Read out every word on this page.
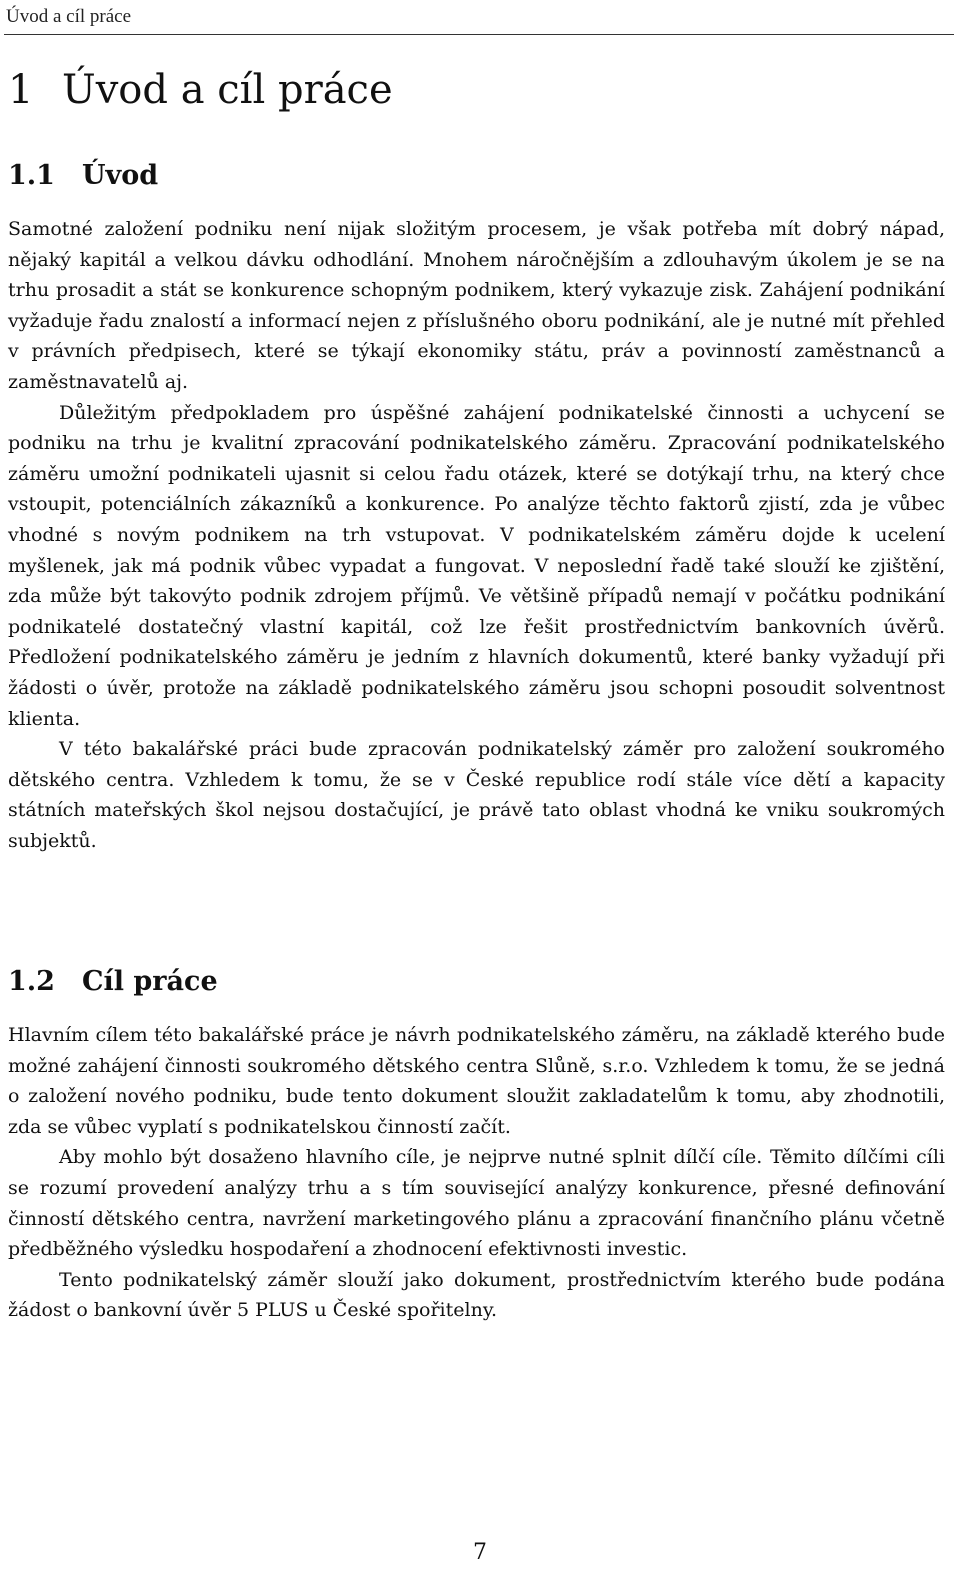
Úvod a cíl práce
1 Úvod a cíl práce
1.1 Úvod

Samotné založení podniku není nijak složitým procesem, je však potřeba mít dobrý nápad, nějaký kapitál a velkou dávku odhodlání. Mnohem náročnějším a zdlouhavým úkolem je se na trhu prosadit a stát se konkurence schopným podnikem, který vykazuje zisk. Zahájení podnikání vyžaduje řadu znalostí a informací nejen z příslušného oboru podnikání, ale je nutné mít přehled v právních předpisech, které se týkají ekonomiky státu, práv a povinností zaměstnanců a zaměstnavatelů aj.

Důležitým předpokladem pro úspěšné zahájení podnikatelské činnosti a uchycení se podniku na trhu je kvalitní zpracování podnikatelského záměru. Zpracování podnikatelského záměru umožní podnikateli ujasnit si celou řadu otázek, které se dotýkají trhu, na který chce vstoupit, potenciálních zákazníků a konkurence. Po analýze těchto faktorů zjistí, zda je vůbec vhodné s novým podnikem na trh vstupovat. V podnikatelském záměru dojde k ucelení myšlenek, jak má podnik vůbec vypadat a fungovat. V neposlední řadě také slouží ke zjištění, zda může být takovýto podnik zdrojem příjmů. Ve většině případů nemají v počátku podnikání podnikatelé dostatečný vlastní kapitál, což lze řešit prostřednictvím bankovních úvěrů. Předložení podnikatelského záměru je jedním z hlavních dokumentů, které banky vyžadují při žádosti o úvěr, protože na základě podnikatelského záměru jsou schopni posoudit solventnost klienta.

V této bakalářské práci bude zpracován podnikatelský záměr pro založení soukromého dětského centra. Vzhledem k tomu, že se v České republice rodí stále více dětí a kapacity státních mateřských škol nejsou dostačující, je právě tato oblast vhodná ke vniku soukromých subjektů.

1.2 Cíl práce

Hlavním cílem této bakalářské práce je návrh podnikatelského záměru, na základě kterého bude možné zahájení činnosti soukromého dětského centra Slůně, s.r.o. Vzhledem k tomu, že se jedná o založení nového podniku, bude tento dokument sloužit zakladatelům k tomu, aby zhodnotili, zda se vůbec vyplatí s podnikatelskou činností začít.

Aby mohlo být dosaženo hlavního cíle, je nejprve nutné splnit dílčí cíle. Těmito dílčími cíli se rozumí provedení analýzy trhu a s tím související analýzy konkurence, přesné definování činností dětského centra, navržení marketingového plánu a zpracování finančního plánu včetně předběžného výsledku hospodaření a zhodnocení efektivnosti investic.

Tento podnikatelský záměr slouží jako dokument, prostřednictvím kterého bude podána žádost o bankovní úvěr 5 PLUS u České spořitelny.

7
